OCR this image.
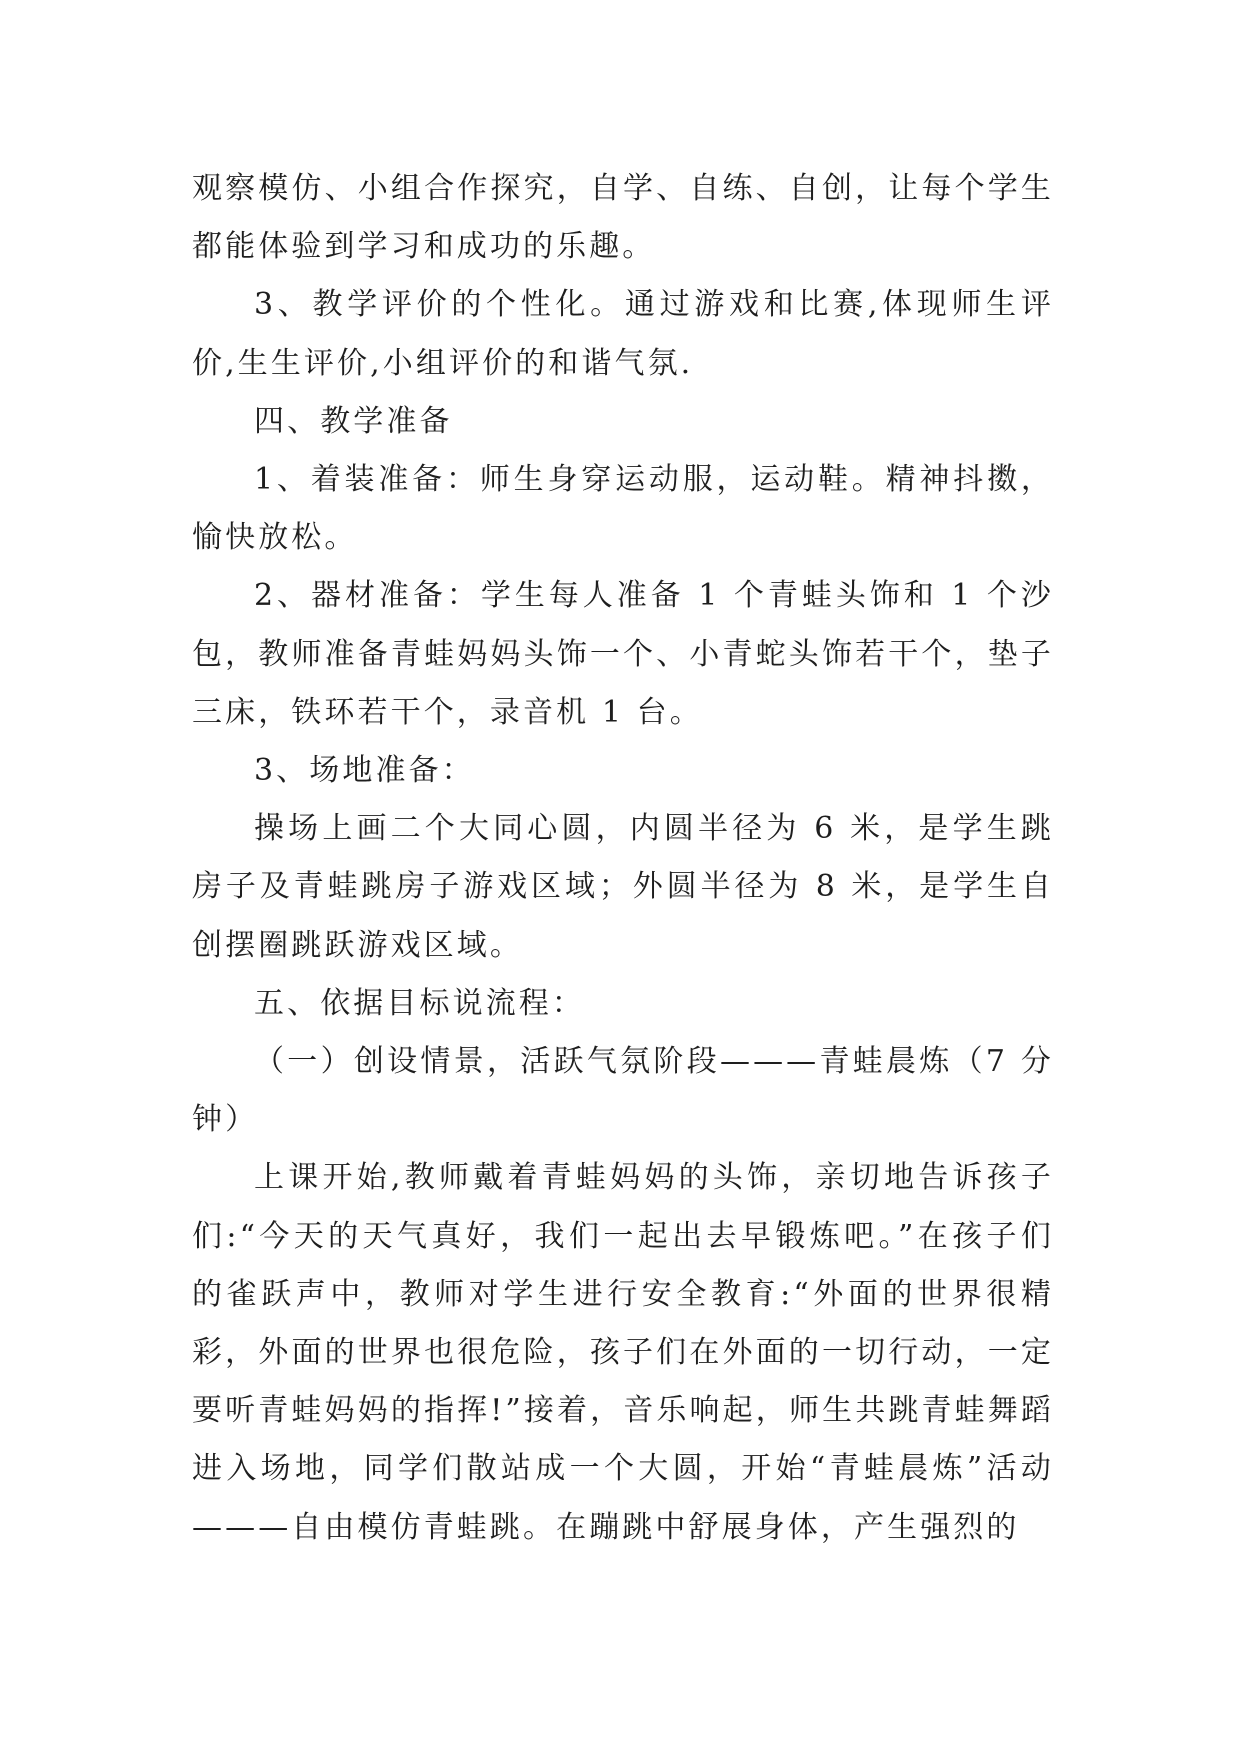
观察模仿、小组合作探究，自学、自练、自创，让每个学生都能体验到学习和成功的乐趣。

3、教学评价的个性化。通过游戏和比赛,体现师生评价,生生评价,小组评价的和谐气氛.

四、教学准备

1、着装准备：师生身穿运动服，运动鞋。精神抖擞，愉快放松。

2、器材准备：学生每人准备 1 个青蛙头饰和 1 个沙包，教师准备青蛙妈妈头饰一个、小青蛇头饰若干个，垫子三床，铁环若干个，录音机 1 台。

3、场地准备：

操场上画二个大同心圆，内圆半径为 6 米，是学生跳房子及青蛙跳房子游戏区域；外圆半径为 8 米，是学生自创摆圈跳跃游戏区域。

五、依据目标说流程：

（一）创设情景，活跃气氛阶段———青蛙晨炼（7 分钟）

上课开始,教师戴着青蛙妈妈的头饰，亲切地告诉孩子们:“今天的天气真好，我们一起出去早锻炼吧。”在孩子们的雀跃声中，教师对学生进行安全教育:“外面的世界很精彩，外面的世界也很危险，孩子们在外面的一切行动，一定要听青蛙妈妈的指挥!”接着，音乐响起，师生共跳青蛙舞蹈进入场地，同学们散站成一个大圆，开始“青蛙晨炼”活动———自由模仿青蛙跳。在蹦跳中舒展身体，产生强烈的
